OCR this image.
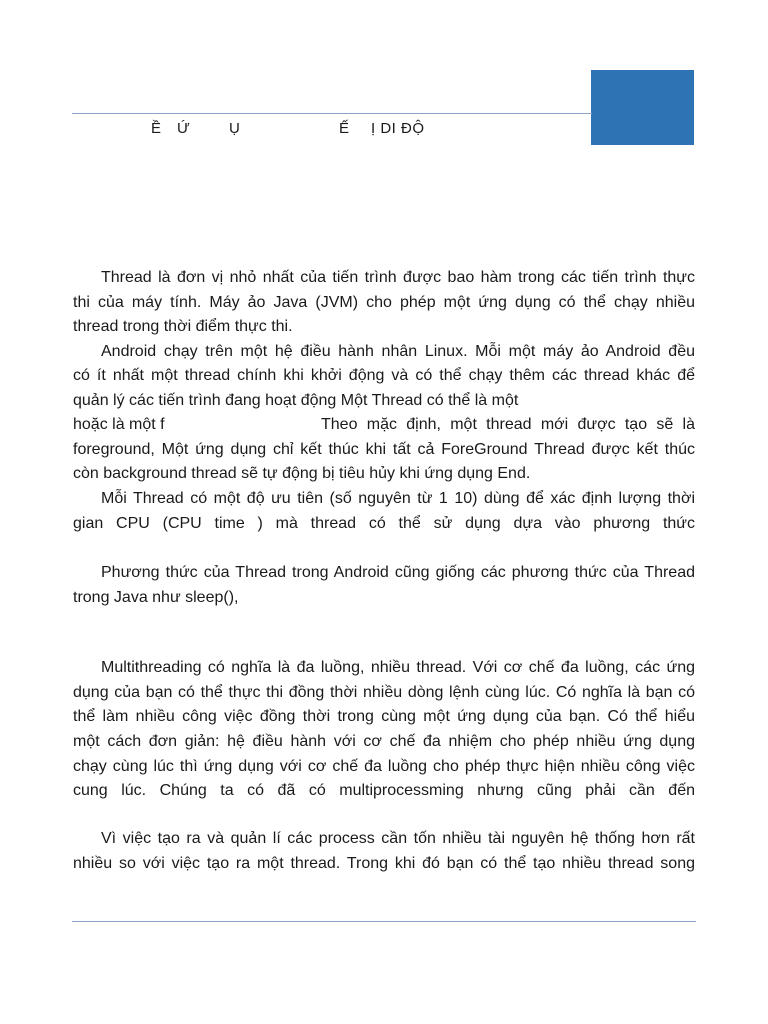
Ề Ứ	Ụ	Ế Ị DI ĐỘ
Thread là đơn vị nhỏ nhất của tiến trình được bao hàm trong các tiến trình thực
thi của máy tính. Máy ảo Java (JVM) cho phép một ứng dụng có thể chạy nhiều
thread trong thời điểm thực thi.
Android chạy trên một hệ điều hành nhân Linux. Mỗi một máy ảo Android đều
có ít nhất một thread chính khi khởi động và có thể chạy thêm các thread khác để
quản lý các tiến trình đang hoạt động Một Thread có thể là một
hoặc là một f	Theo mặc định, một thread mới được tạo sẽ là
foreground, Một ứng dụng chỉ kết thúc khi tất cả ForeGround Thread được kết thúc
còn background thread sẽ tự động bị tiêu hủy khi ứng dụng End.
Mỗi Thread có một độ ưu tiên (số nguyên từ 1 10) dùng để xác định lượng thời
gian CPU (CPU time ) mà thread có thể sử dụng dựa vào phương thức
Phương thức của Thread trong Android cũng giống các phương thức của Thread
trong Java như sleep(),
Multithreading có nghĩa là đa luồng, nhiều thread. Với cơ chế đa luồng, các ứng
dụng của bạn có thể thực thi đồng thời nhiều dòng lệnh cùng lúc. Có nghĩa là bạn có
thể làm nhiều công việc đồng thời trong cùng một ứng dụng của bạn. Có thể hiểu
một cách đơn giản: hệ điều hành với cơ chế đa nhiệm cho phép nhiều ứng dụng
chạy cùng lúc thì ứng dụng với cơ chế đa luồng cho phép thực hiện nhiều công việc
cung lúc. Chúng ta có đã có multiprocessming nhưng cũng phải cần đến
Vì việc tạo ra và quản lí các process cần tốn nhiều tài nguyên hệ thống hơn rất
nhiều so với việc tạo ra một thread. Trong khi đó bạn có thể tạo nhiều thread song
